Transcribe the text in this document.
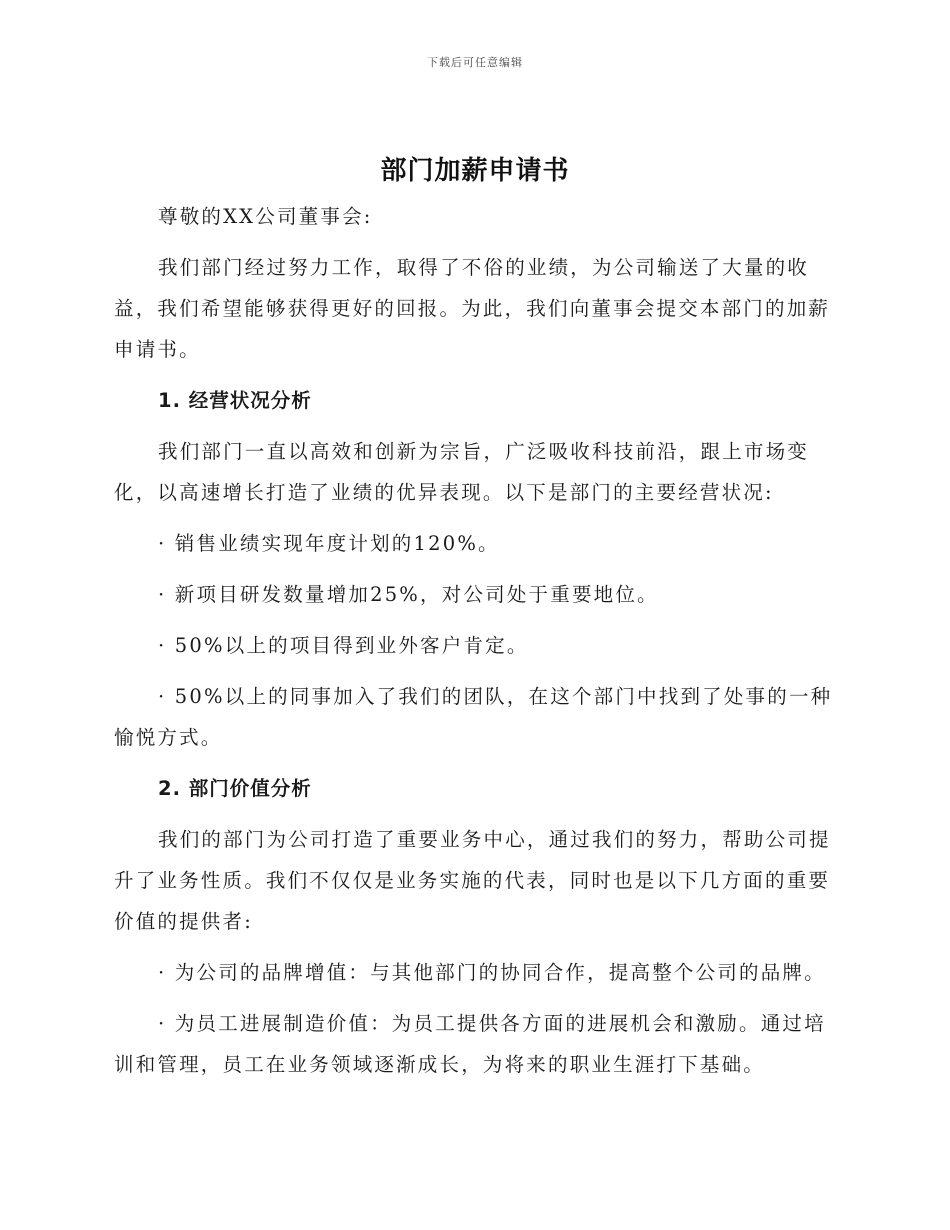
下载后可任意编辑
部门加薪申请书

尊敬的XX公司董事会:

我们部门经过努力工作，取得了不俗的业绩，为公司输送了大量的收益，我们希望能够获得更好的回报。为此，我们向董事会提交本部门的加薪申请书。

1. 经营状况分析

我们部门一直以高效和创新为宗旨，广泛吸收科技前沿，跟上市场变化，以高速增长打造了业绩的优异表现。以下是部门的主要经营状况:

· 销售业绩实现年度计划的120%。

· 新项目研发数量增加25%，对公司处于重要地位。

· 50%以上的项目得到业外客户肯定。

· 50%以上的同事加入了我们的团队，在这个部门中找到了处事的一种愉悦方式。

2. 部门价值分析

我们的部门为公司打造了重要业务中心，通过我们的努力，帮助公司提升了业务性质。我们不仅仅是业务实施的代表，同时也是以下几方面的重要价值的提供者:

· 为公司的品牌增值：与其他部门的协同合作，提高整个公司的品牌。

· 为员工进展制造价值：为员工提供各方面的进展机会和激励。通过培训和管理，员工在业务领域逐渐成长，为将来的职业生涯打下基础。
